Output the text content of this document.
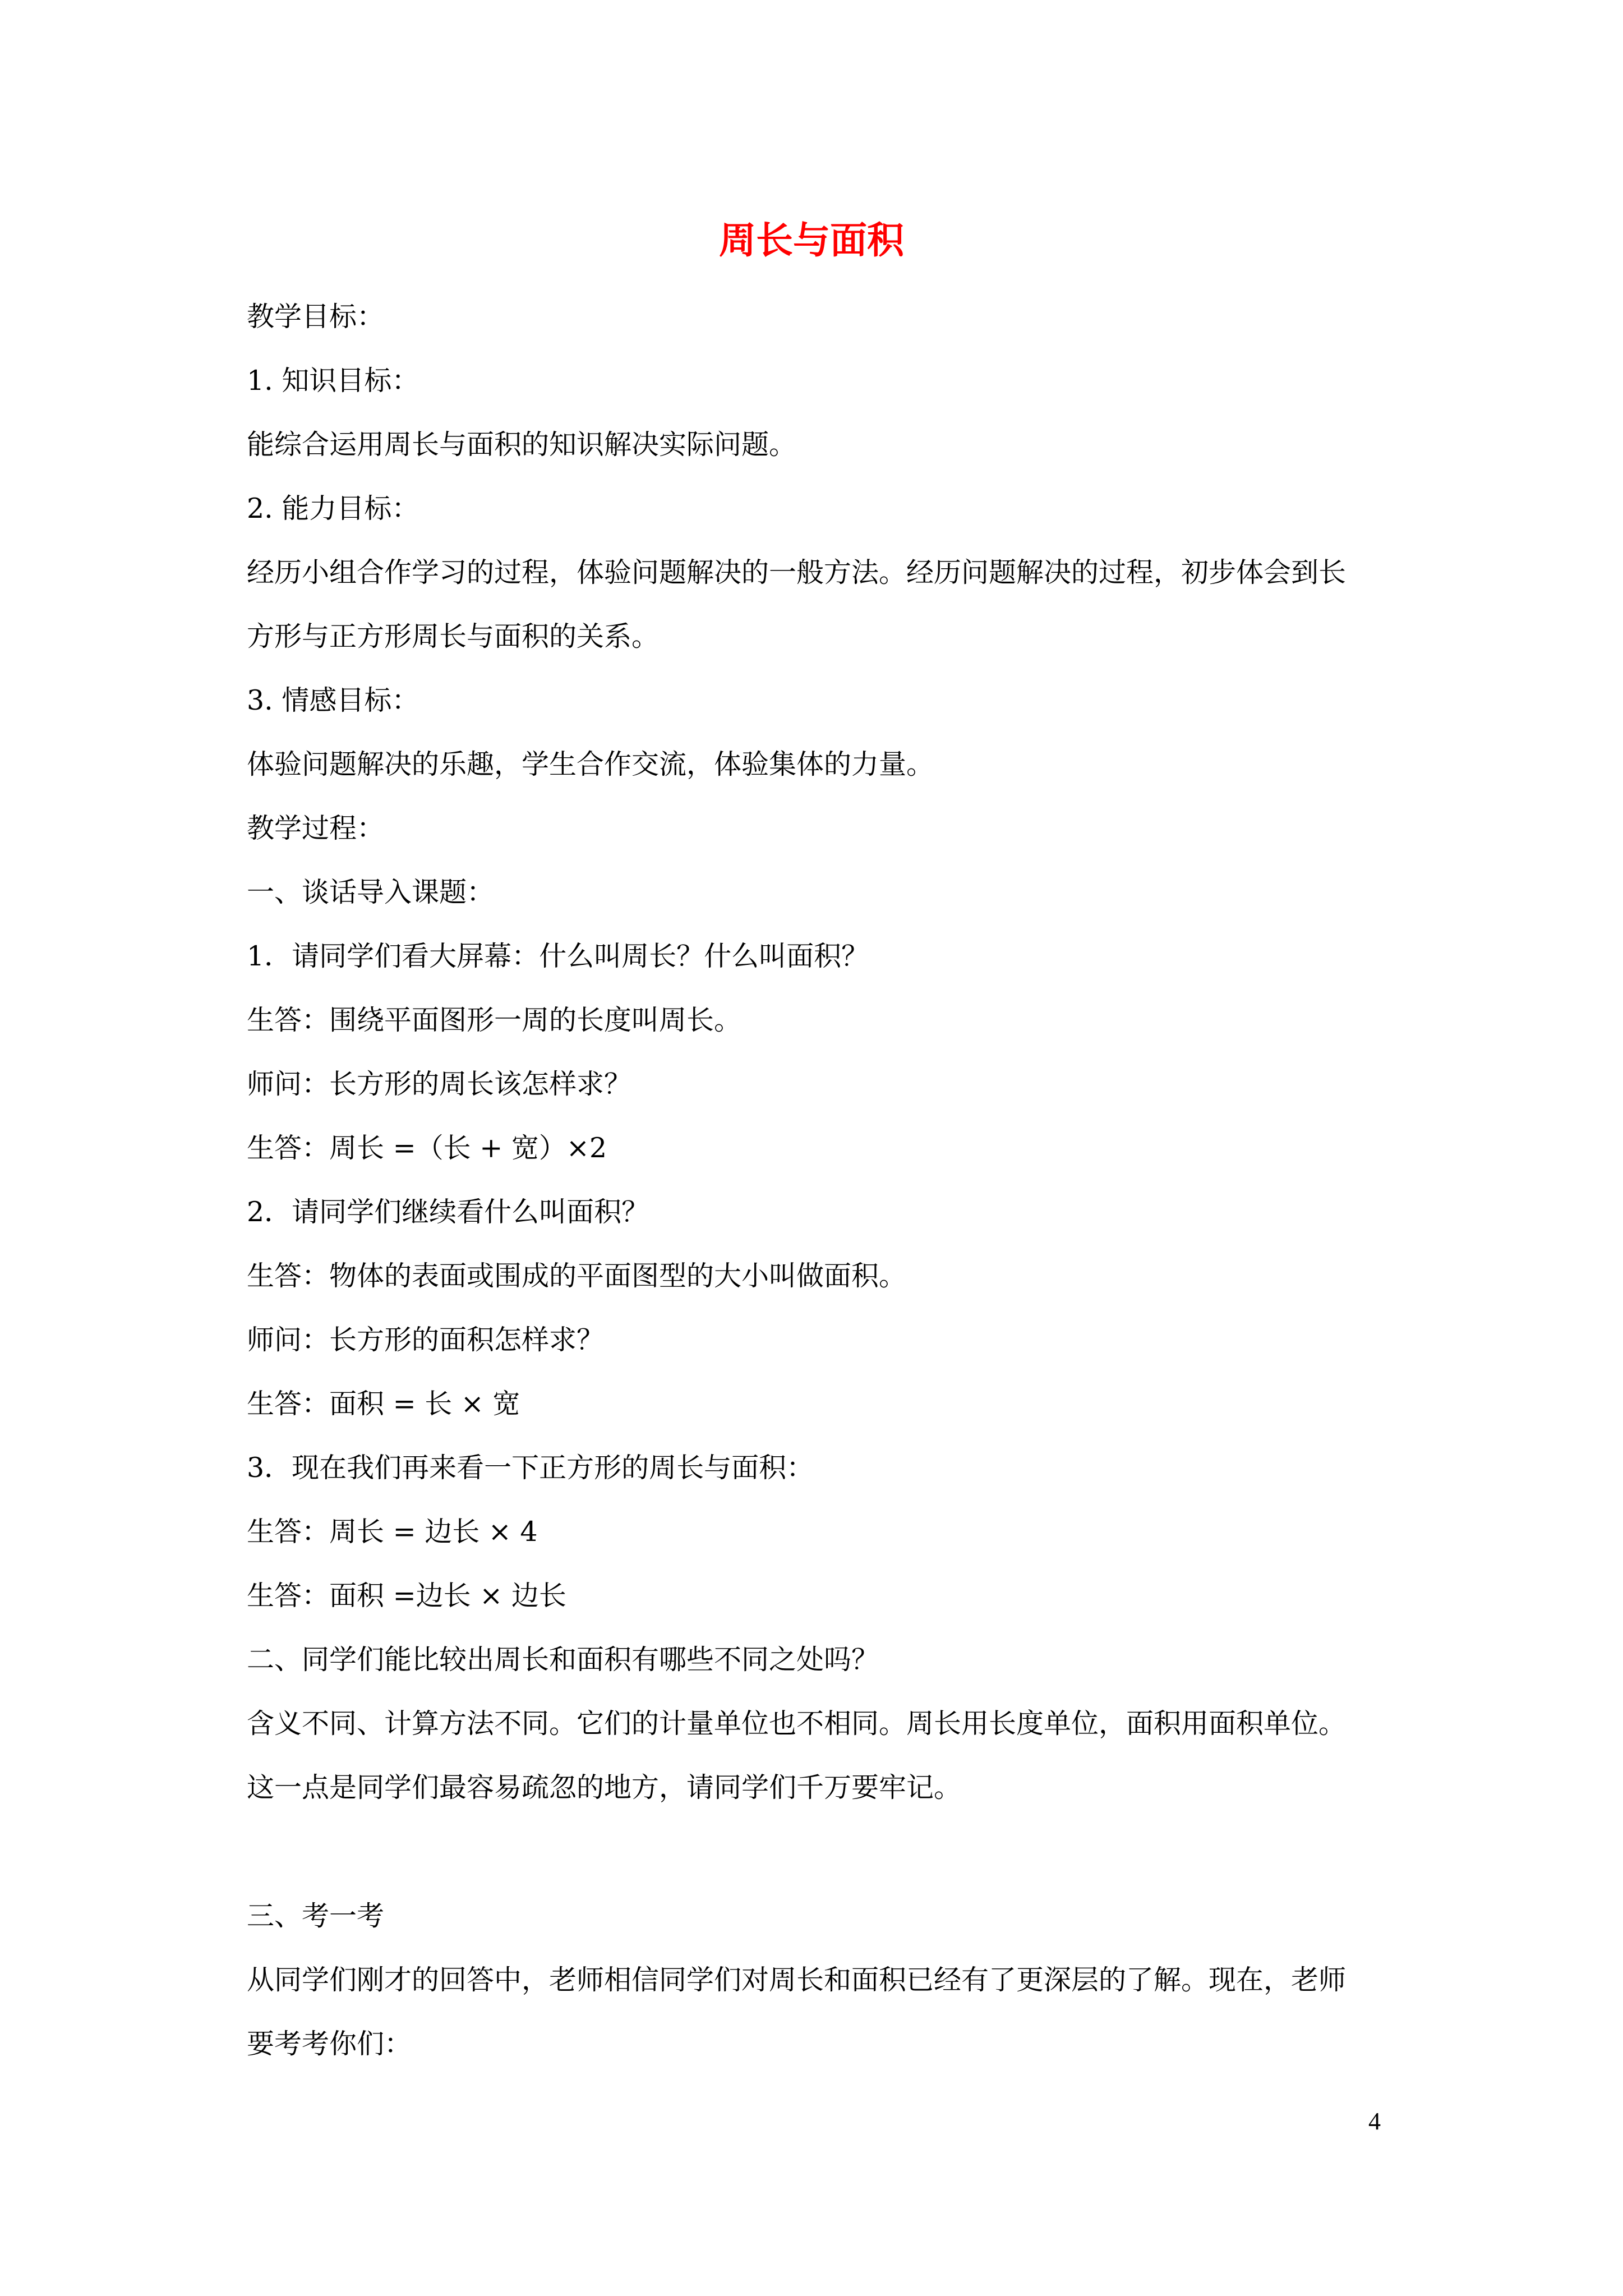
周长与面积

教学目标：

1. 知识目标：

能综合运用周长与面积的知识解决实际问题。

2. 能力目标：

经历小组合作学习的过程，体验问题解决的一般方法。经历问题解决的过程，初步体会到长

方形与正方形周长与面积的关系。

3. 情感目标：

体验问题解决的乐趣，学生合作交流，体验集体的力量。

教学过程：

一、谈话导入课题：

1．请同学们看大屏幕：什么叫周长？什么叫面积？

生答：围绕平面图形一周的长度叫周长。

师问：长方形的周长该怎样求？

生答：周长 =（长 + 宽）×2

2．请同学们继续看什么叫面积？

生答：物体的表面或围成的平面图型的大小叫做面积。

师问：长方形的面积怎样求？

生答：面积 = 长 × 宽

3．现在我们再来看一下正方形的周长与面积：

生答：周长 = 边长 × 4

生答：面积 =边长 × 边长

二、同学们能比较出周长和面积有哪些不同之处吗？

含义不同、计算方法不同。它们的计量单位也不相同。周长用长度单位，面积用面积单位。

这一点是同学们最容易疏忽的地方，请同学们千万要牢记。

三、考一考

从同学们刚才的回答中，老师相信同学们对周长和面积已经有了更深层的了解。现在，老师

要考考你们：

4
